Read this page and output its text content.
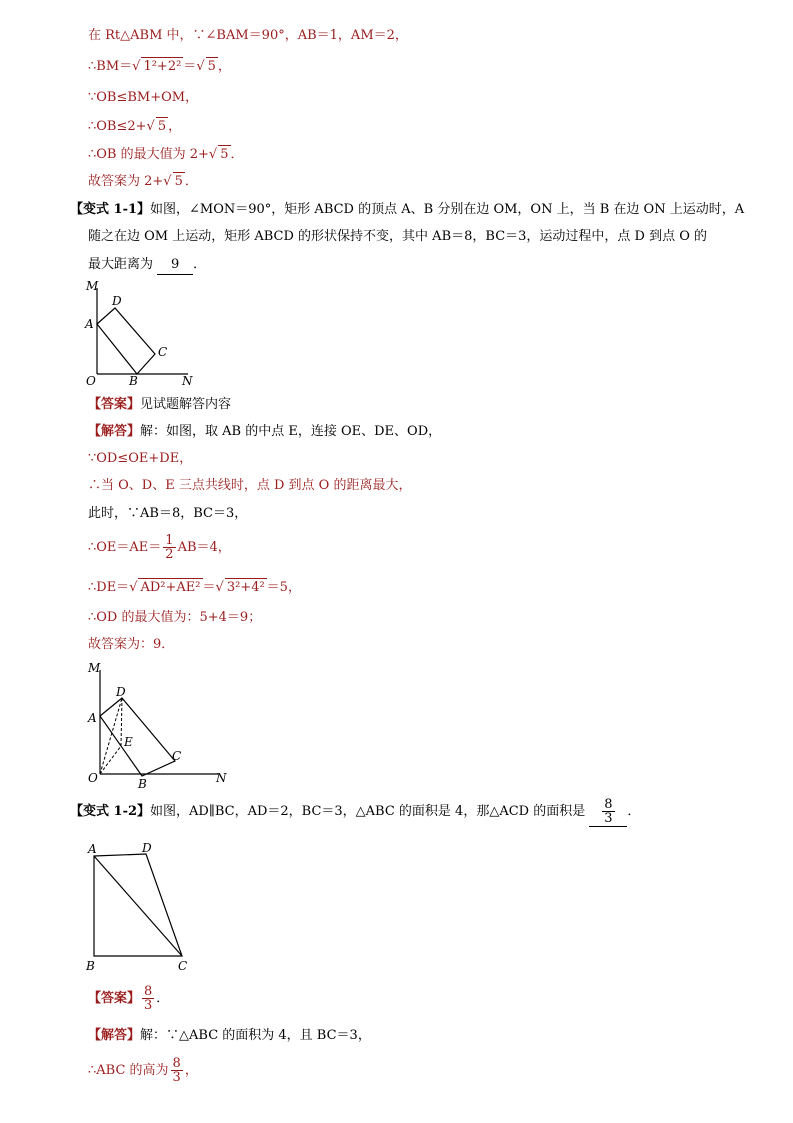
在 Rt△ABM 中，∵∠BAM＝90°，AB＝1，AM＝2，
∴BM＝√ 1²+2² ＝√ 5 ，
∵OB≤BM+OM，
∴OB≤2+√ 5 ，
∴OB 的最大值为 2+√ 5 ．
故答案为 2+√ 5 ．
【变式 1-1】如图，∠MON＝90°，矩形 ABCD 的顶点 A、B 分别在边 OM，ON 上，当 B 在边 ON 上运动时，A
随之在边 OM 上运动，矩形 ABCD 的形状保持不变，其中 AB＝8，BC＝3，运动过程中，点 D 到点 O 的
最大距离为 9 ．
M
D
A
C
O	B	N
【答案】见试题解答内容
【解答】解：如图，取 AB 的中点 E，连接 OE、DE、OD，
∵OD≤OE+DE，
∴当 O、D、E 三点共线时，点 D 到点 O 的距离最大，
此时，∵AB＝8，BC＝3，
∴OE＝AE＝ $\frac{1}{2} AB=4$，
∴DE＝√ AD²+AE² ＝√ 3²+4² ＝5，
∴OD 的最大值为：5+4＝9；
故答案为：9．
M
D
A
E
C
O	B	N
【变式 1-2】如图，AD∥BC，AD＝2，BC＝3，△ABC 的面积是 4，那△ACD 的面积是 $\frac{8}{3}$ ．
A	D
B	C
【答案】 $\frac{8}{3}$ ．
【解答】解：∵△ABC 的面积为 4，且 BC＝3，
∴ABC 的高为 $\frac{8}{3}$ ，
